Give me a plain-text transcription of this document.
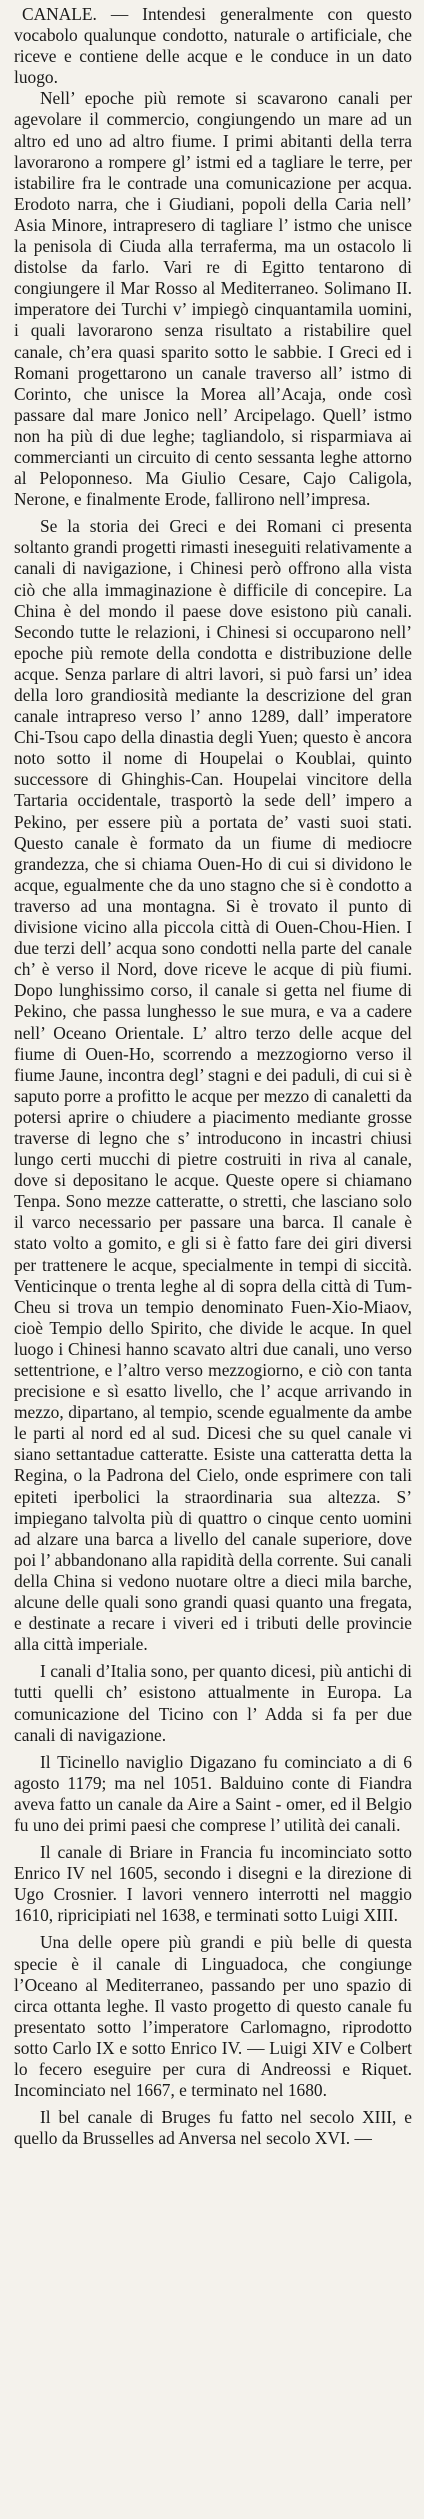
CANALE. — Intendesi generalmente con questo vocabolo qualunque condotto, naturale o artificiale, che riceve e contiene delle acque e le conduce in un dato luogo.

Nell’ epoche più remote si scavarono canali per agevolare il commercio, congiungendo un mare ad un altro ed uno ad altro fiume. I primi abitanti della terra lavorarono a rompere gl’ istmi ed a tagliare le terre, per istabilire fra le contrade una comunicazione per acqua. Erodoto narra, che i Giudiani, popoli della Caria nell’ Asia Minore, intrapresero di tagliare l’ istmo che unisce la penisola di Ciuda alla terraferma, ma un ostacolo li distolse da farlo. Vari re di Egitto tentarono di congiungere il Mar Rosso al Mediterraneo. Solimano II. imperatore dei Turchi v’ impiegò cinquantamila uomini, i quali lavorarono senza risultato a ristabilire quel canale, ch’era quasi sparito sotto le sabbie. I Greci ed i Romani progettarono un canale traverso all’ istmo di Corinto, che unisce la Morea all’Acaja, onde così passare dal mare Jonico nell’ Arcipelago. Quell’ istmo non ha più di due leghe; tagliandolo, si risparmiava ai commercianti un circuito di cento sessanta leghe attorno al Peloponneso. Ma Giulio Cesare, Cajo Caligola, Nerone, e finalmente Erode, fallirono nell’impresa.

Se la storia dei Greci e dei Romani ci presenta soltanto grandi progetti rimasti ineseguiti relativamente a canali di navigazione, i Chinesi però offrono alla vista ciò che alla immaginazione è difficile di concepire. La China è del mondo il paese dove esistono più canali. Secondo tutte le relazioni, i Chinesi si occuparono nell’ epoche più remote della condotta e distribuzione delle acque. Senza parlare di altri lavori, si può farsi un’ idea della loro grandiosità mediante la descrizione del gran canale intrapreso verso l’ anno 1289, dall’ imperatore Chi-Tsou capo della dinastia degli Yuen; questo è ancora noto sotto il nome di Houpelai o Koublai, quinto successore di Ghinghis-Can. Houpelai vincitore della Tartaria occidentale, trasportò la sede dell’ impero a Pekino, per essere più a portata de’ vasti suoi stati. Questo canale è formato da un fiume di mediocre grandezza, che si chiama Ouen-Ho di cui si dividono le acque, egualmente che da uno stagno che si è condotto a traverso ad una montagna. Si è trovato il punto di divisione vicino alla piccola città di Ouen-Chou-Hien. I due terzi dell’ acqua sono condotti nella parte del canale ch’ è verso il Nord, dove riceve le acque di più fiumi. Dopo lunghissimo corso, il canale si getta nel fiume di Pekino, che passa lunghesso le sue mura, e va a cadere nell’ Oceano Orientale. L’ altro terzo delle acque del fiume di Ouen-Ho, scorrendo a mezzogiorno verso il fiume Jaune, incontra degl’ stagni e dei paduli, di cui si è saputo porre a profitto le acque per mezzo di canaletti da potersi aprire o chiudere a piacimento mediante grosse traverse di legno che s’ introducono in incastri chiusi lungo certi mucchi di pietre costruiti in riva al canale, dove si depositano le acque. Queste opere si chiamano Tenpa. Sono mezze catteratte, o stretti, che lasciano solo il varco necessario per passare una barca. Il canale è stato volto a gomito, e gli si è fatto fare dei giri diversi per trattenere le acque, specialmente in tempi di siccità. Venticinque o trenta leghe al di sopra della città di Tum-Cheu si trova un tempio denominato Fuen-Xio-Miaov, cioè Tempio dello Spirito, che divide le acque. In quel luogo i Chinesi hanno scavato altri due canali, uno verso settentrione, e l’altro verso mezzogiorno, e ciò con tanta precisione e sì esatto livello, che l’ acque arrivando in mezzo, dipartano, al tempio, scende egualmente da ambe le parti al nord ed al sud. Dicesi che su quel canale vi siano settantadue catteratte. Esiste una catteratta detta la Regina, o la Padrona del Cielo, onde esprimere con tali epiteti iperbolici la straordinaria sua altezza. S’ impiegano talvolta più di quattro o cinque cento uomini ad alzare una barca a livello del canale superiore, dove poi l’ abbandonano alla rapidità della corrente. Sui canali della China si vedono nuotare oltre a dieci mila barche, alcune delle quali sono grandi quasi quanto una fregata, e destinate a recare i viveri ed i tributi delle provincie alla città imperiale.

I canali d’Italia sono, per quanto dicesi, più antichi di tutti quelli ch’ esistono attualmente in Europa. La comunicazione del Ticino con l’ Adda si fa per due canali di navigazione.

Il Ticinello naviglio Digazano fu cominciato a di 6 agosto 1179; ma nel 1051. Balduino conte di Fiandra aveva fatto un canale da Aire a Saint - omer, ed il Belgio fu uno dei primi paesi che comprese l’ utilità dei canali.

Il canale di Briare in Francia fu incominciato sotto Enrico IV nel 1605, secondo i disegni e la direzione di Ugo Crosnier. I lavori vennero interrotti nel maggio 1610, ripricipiati nel 1638, e terminati sotto Luigi XIII.

Una delle opere più grandi e più belle di questa specie è il canale di Linguadoca, che congiunge l’Oceano al Mediterraneo, passando per uno spazio di circa ottanta leghe. Il vasto progetto di questo canale fu presentato sotto l’imperatore Carlomagno, riprodotto sotto Carlo IX e sotto Enrico IV. — Luigi XIV e Colbert lo fecero eseguire per cura di Andreossi e Riquet. Incominciato nel 1667, e terminato nel 1680.

Il bel canale di Bruges fu fatto nel secolo XIII, e quello da Brusselles ad Anversa nel secolo XVI. —
